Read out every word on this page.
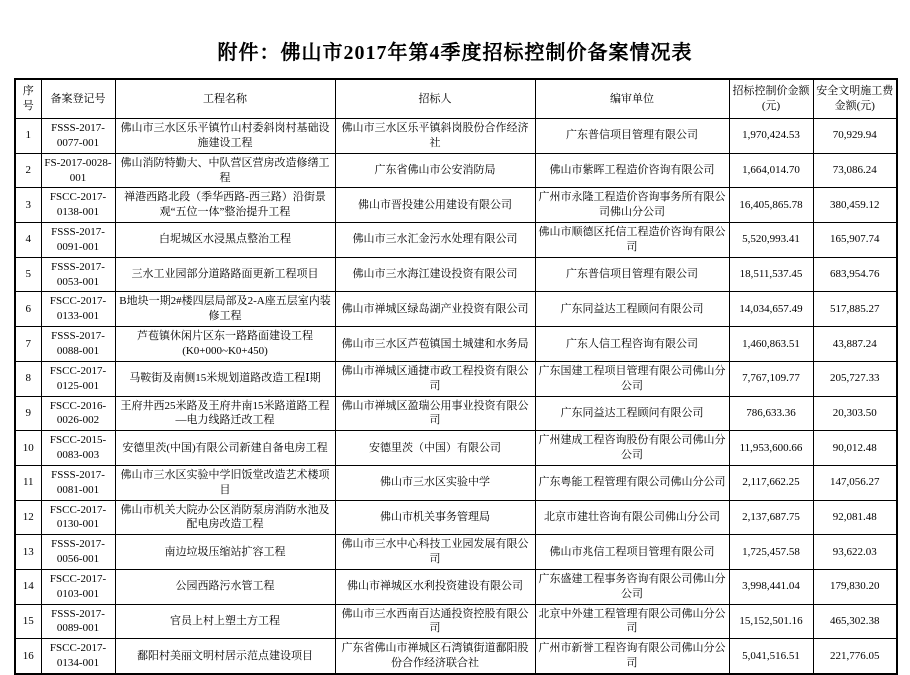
附件：佛山市2017年第4季度招标控制价备案情况表
序号	备案登记号	工程名称	招标人	编审单位	招标控制价金额(元)	安全文明施工费金额(元)
1	FSSS-2017-0077-001	佛山市三水区乐平镇竹山村委斜岗村基础设施建设工程	佛山市三水区乐平镇斜岗股份合作经济社	广东普信项目管理有限公司	1,970,424.53	70,929.94
2	FS-2017-0028-001	佛山消防特勤大、中队营区营房改造修缮工程	广东省佛山市公安消防局	佛山市紫晖工程造价咨询有限公司	1,664,014.70	73,086.24
3	FSCC-2017-0138-001	禅港西路北段（季华西路-西三路）沿街景观“五位一体”整治提升工程	佛山市晋投建公用建设有限公司	广州市永隆工程造价咨询事务所有限公司佛山分公司	16,405,865.78	380,459.12
4	FSSS-2017-0091-001	白坭城区水浸黑点整治工程	佛山市三水汇金污水处理有限公司	佛山市顺德区托信工程造价咨询有限公司	5,520,993.41	165,907.74
5	FSSS-2017-0053-001	三水工业园部分道路路面更新工程项目	佛山市三水海江建设投资有限公司	广东普信项目管理有限公司	18,511,537.45	683,954.76
6	FSCC-2017-0133-001	B地块一期2#楼四层局部及2-A座五层室内装修工程	佛山市禅城区绿岛湖产业投资有限公司	广东同益达工程顾问有限公司	14,034,657.49	517,885.27
7	FSSS-2017-0088-001	芦苞镇休闲片区东一路路面建设工程(K0+000~K0+450)	佛山市三水区芦苞镇国土城建和水务局	广东人信工程咨询有限公司	1,460,863.51	43,887.24
8	FSCC-2017-0125-001	马鞍街及南侧15米规划道路改造工程Ⅰ期	佛山市禅城区通捷市政工程投资有限公司	广东国建工程项目管理有限公司佛山分公司	7,767,109.77	205,727.33
9	FSCC-2016-0026-002	王府井西25米路及王府井南15米路道路工程—电力线路迁改工程	佛山市禅城区盈瑞公用事业投资有限公司	广东同益达工程顾问有限公司	786,633.36	20,303.50
10	FSCC-2015-0083-003	安德里茨(中国)有限公司新建自备电房工程	安德里茨（中国）有限公司	广州建成工程咨询股份有限公司佛山分公司	11,953,600.66	90,012.48
11	FSSS-2017-0081-001	佛山市三水区实验中学旧饭堂改造艺术楼项目	佛山市三水区实验中学	广东粤能工程管理有限公司佛山分公司	2,117,662.25	147,056.27
12	FSCC-2017-0130-001	佛山市机关大院办公区消防泵房消防水池及配电房改造工程	佛山市机关事务管理局	北京市建壮咨询有限公司佛山分公司	2,137,687.75	92,081.48
13	FSSS-2017-0056-001	南边垃圾压缩站扩容工程	佛山市三水中心科技工业园发展有限公司	佛山市兆信工程项目管理有限公司	1,725,457.58	93,622.03
14	FSCC-2017-0103-001	公园西路污水管工程	佛山市禅城区水利投资建设有限公司	广东盛建工程事务咨询有限公司佛山分公司	3,998,441.04	179,830.20
15	FSSS-2017-0089-001	官员上村上塑土方工程	佛山市三水西南百达通投资控股有限公司	北京中外建工程管理有限公司佛山分公司	15,152,501.16	465,302.38
16	FSCC-2017-0134-001	鄱阳村美丽文明村居示范点建设项目	广东省佛山市禅城区石湾镇街道鄱阳股份合作经济联合社	广州市新誉工程咨询有限公司佛山分公司	5,041,516.51	221,776.05
